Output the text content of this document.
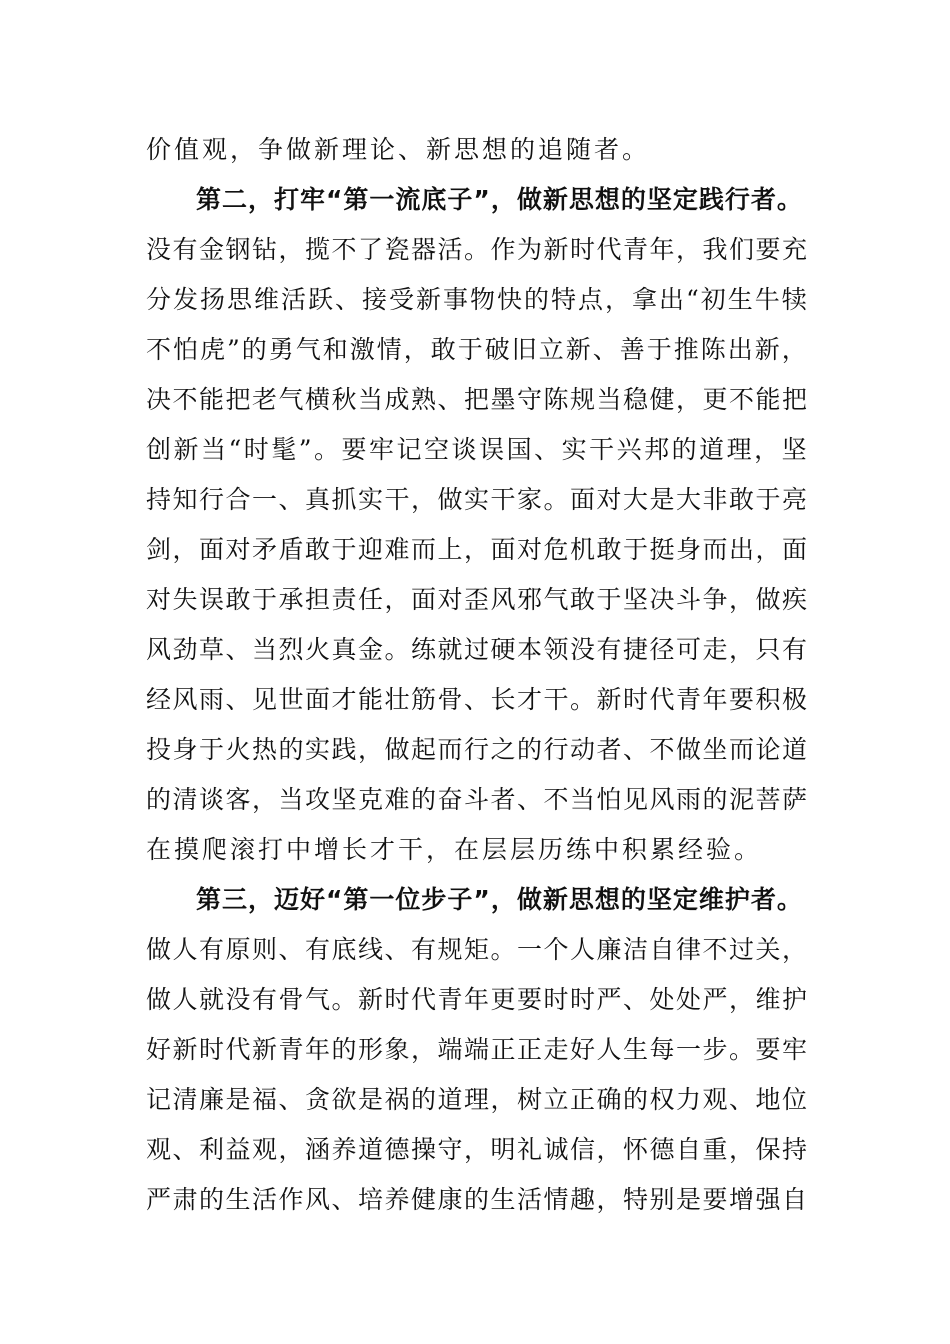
价值观，争做新理论、新思想的追随者。
第二，打牢“第一流底子”，做新思想的坚定践行者。
没有金钢钻，揽不了瓷器活。作为新时代青年，我们要充
分发扬思维活跃、接受新事物快的特点，拿出“初生牛犊
不怕虎”的勇气和激情，敢于破旧立新、善于推陈出新，
决不能把老气横秋当成熟、把墨守陈规当稳健，更不能把
创新当“时髦”。要牢记空谈误国、实干兴邦的道理，坚
持知行合一、真抓实干，做实干家。面对大是大非敢于亮
剑，面对矛盾敢于迎难而上，面对危机敢于挺身而出，面
对失误敢于承担责任，面对歪风邪气敢于坚决斗争，做疾
风劲草、当烈火真金。练就过硬本领没有捷径可走，只有
经风雨、见世面才能壮筋骨、长才干。新时代青年要积极
投身于火热的实践，做起而行之的行动者、不做坐而论道
的清谈客，当攻坚克难的奋斗者、不当怕见风雨的泥菩萨
在摸爬滚打中增长才干，在层层历练中积累经验。
第三，迈好“第一位步子”，做新思想的坚定维护者。
做人有原则、有底线、有规矩。一个人廉洁自律不过关，
做人就没有骨气。新时代青年更要时时严、处处严，维护
好新时代新青年的形象，端端正正走好人生每一步。要牢
记清廉是福、贪欲是祸的道理，树立正确的权力观、地位
观、利益观，涵养道德操守，明礼诚信，怀德自重，保持
严肃的生活作风、培养健康的生活情趣，特别是要增强自
